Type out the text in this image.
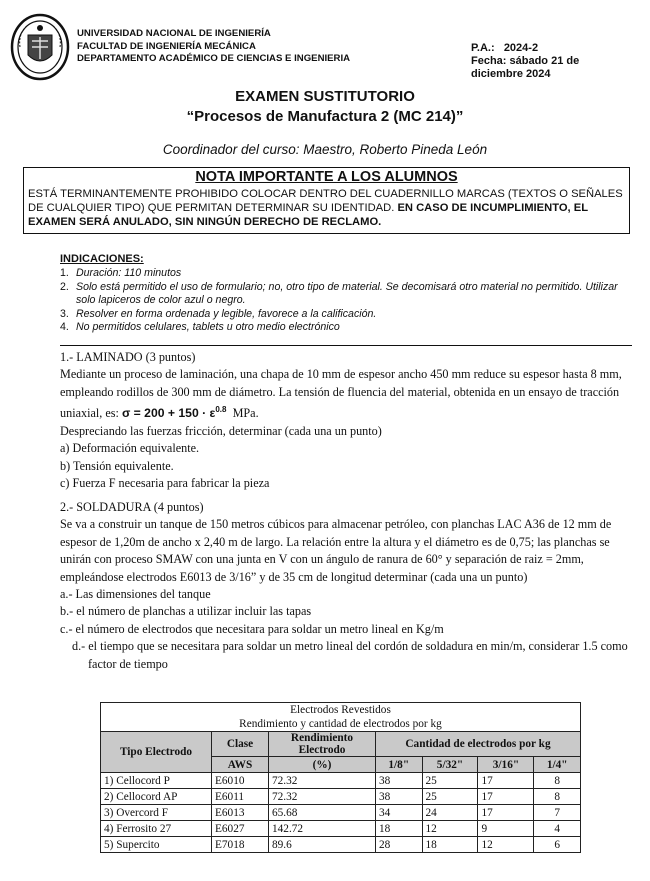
UNIVERSIDAD NACIONAL DE INGENIERÍA
FACULTAD DE INGENIERÍA MECÁNICA
DEPARTAMENTO ACADÉMICO DE CIENCIAS E INGENIERIA
P.A.: 2024-2
Fecha: sábado 21 de
diciembre 2024
EXAMEN SUSTITUTORIO
“Procesos de Manufactura 2 (MC 214)”
Coordinador del curso: Maestro, Roberto Pineda León
NOTA IMPORTANTE A LOS ALUMNOS
ESTÁ TERMINANTEMENTE PROHIBIDO COLOCAR DENTRO DEL CUADERNILLO MARCAS (TEXTOS O SEÑALES DE CUALQUIER TIPO) QUE PERMITAN DETERMINAR SU IDENTIDAD. EN CASO DE INCUMPLIMIENTO, EL EXAMEN SERÁ ANULADO, SIN NINGÚN DERECHO DE RECLAMO.
INDICACIONES:
1. Duración: 110 minutos
2. Solo está permitido el uso de formulario; no, otro tipo de material. Se decomisará otro material no permitido. Utilizar solo lapiceros de color azul o negro.
3. Resolver en forma ordenada y legible, favorece a la calificación.
4. No permitidos celulares, tablets u otro medio electrónico
1.- LAMINADO (3 puntos)
Mediante un proceso de laminación, una chapa de 10 mm de espesor ancho 450 mm reduce su espesor hasta 8 mm, empleando rodillos de 300 mm de diámetro. La tensión de fluencia del material, obtenida en un ensayo de tracción uniaxial, es: $\sigma = 200 + 150 \cdot \varepsilon^{0.8}$ MPa.
Despreciando las fuerzas fricción, determinar (cada una un punto)
a) Deformación equivalente.
b) Tensión equivalente.
c) Fuerza F necesaria para fabricar la pieza
2.- SOLDADURA (4 puntos)
Se va a construir un tanque de 150 metros cúbicos para almacenar petróleo, con planchas LAC A36 de 12 mm de espesor de 1,20m de ancho x 2,40 m de largo. La relación entre la altura y el diámetro es de 0,75; las planchas se unirán con proceso SMAW con una junta en V con un ángulo de ranura de 60° y separación de raiz = 2mm, empleándose electrodos E6013 de 3/16” y de 35 cm de longitud determinar (cada una un punto)
a.- Las dimensiones del tanque
b.- el número de planchas a utilizar incluir las tapas
c.- el número de electrodos que necesitara para soldar un metro lineal en Kg/m
d.- el tiempo que se necesitara para soldar un metro lineal del cordón de soldadura en min/m, considerar 1.5 como factor de tiempo
Electrodos Revestidos						
Rendimiento y cantidad de electrodos por kg						
Tipo Electrodo	Clase	Rendimiento Electrodo	Cantidad de electrodos por kg			
	AWS	(%)	1/8"	5/32"	3/16"	1/4"
1) Cellocord P	E6010	72.32	38	25	17	8
2) Cellocord AP	E6011	72.32	38	25	17	8
3) Overcord F	E6013	65.68	34	24	17	7
4) Ferrosito 27	E6027	142.72	18	12	9	4
5) Supercito	E7018	89.6	28	18	12	6
